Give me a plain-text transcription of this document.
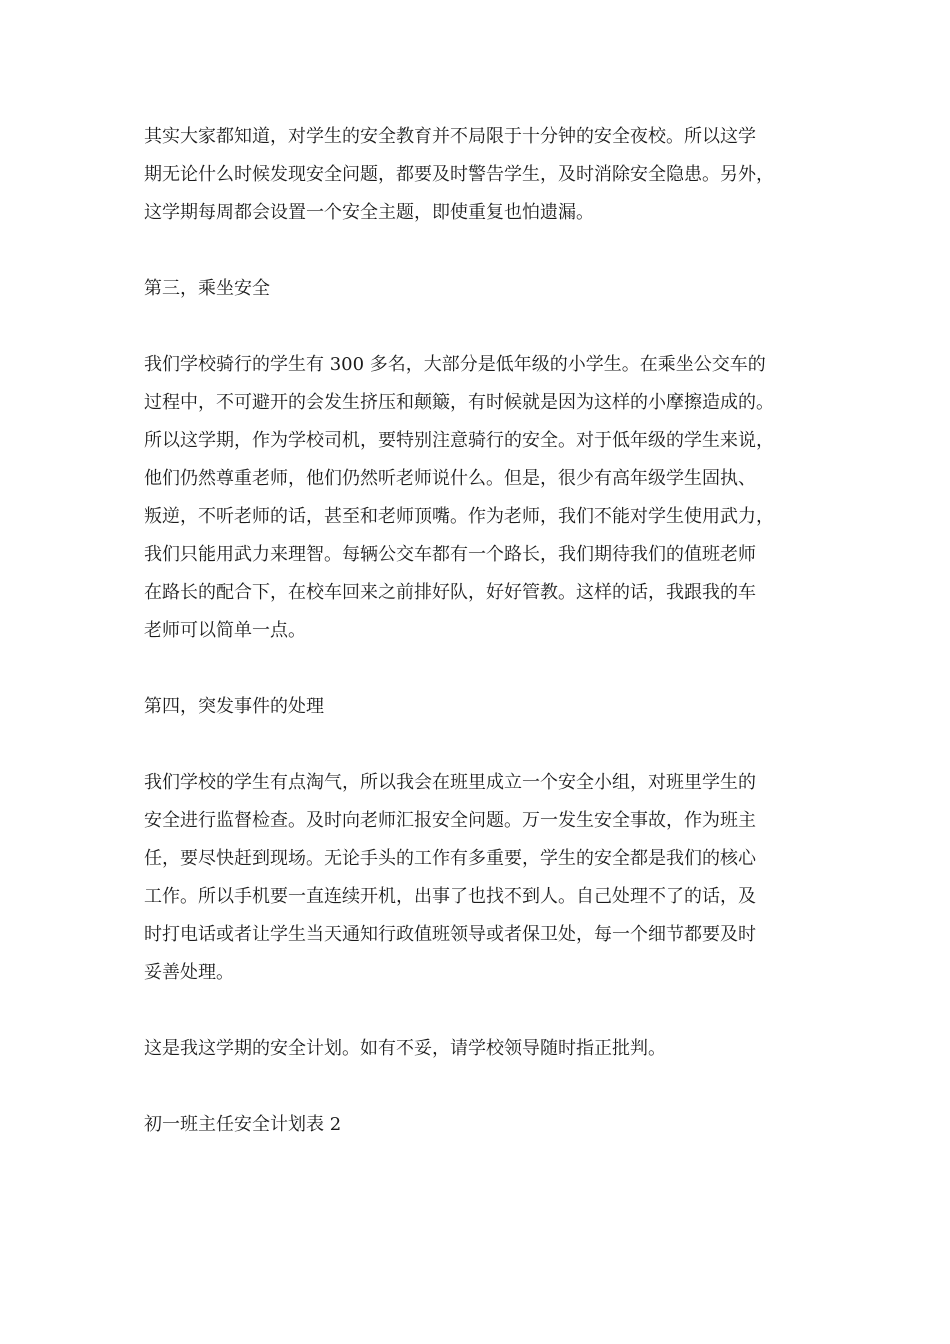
其实大家都知道，对学生的安全教育并不局限于十分钟的安全夜校。所以这学
期无论什么时候发现安全问题，都要及时警告学生，及时消除安全隐患。另外，
这学期每周都会设置一个安全主题，即使重复也怕遗漏。
第三，乘坐安全
我们学校骑行的学生有 300 多名，大部分是低年级的小学生。在乘坐公交车的
过程中，不可避开的会发生挤压和颠簸，有时候就是因为这样的小摩擦造成的。
所以这学期，作为学校司机，要特别注意骑行的安全。对于低年级的学生来说，
他们仍然尊重老师，他们仍然听老师说什么。但是，很少有高年级学生固执、
叛逆，不听老师的话，甚至和老师顶嘴。作为老师，我们不能对学生使用武力，
我们只能用武力来理智。每辆公交车都有一个路长，我们期待我们的值班老师
在路长的配合下，在校车回来之前排好队，好好管教。这样的话，我跟我的车
老师可以简单一点。
第四，突发事件的处理
我们学校的学生有点淘气，所以我会在班里成立一个安全小组，对班里学生的
安全进行监督检查。及时向老师汇报安全问题。万一发生安全事故，作为班主
任，要尽快赶到现场。无论手头的工作有多重要，学生的安全都是我们的核心
工作。所以手机要一直连续开机，出事了也找不到人。自己处理不了的话，及
时打电话或者让学生当天通知行政值班领导或者保卫处，每一个细节都要及时
妥善处理。
这是我这学期的安全计划。如有不妥，请学校领导随时指正批判。
初一班主任安全计划表 2
